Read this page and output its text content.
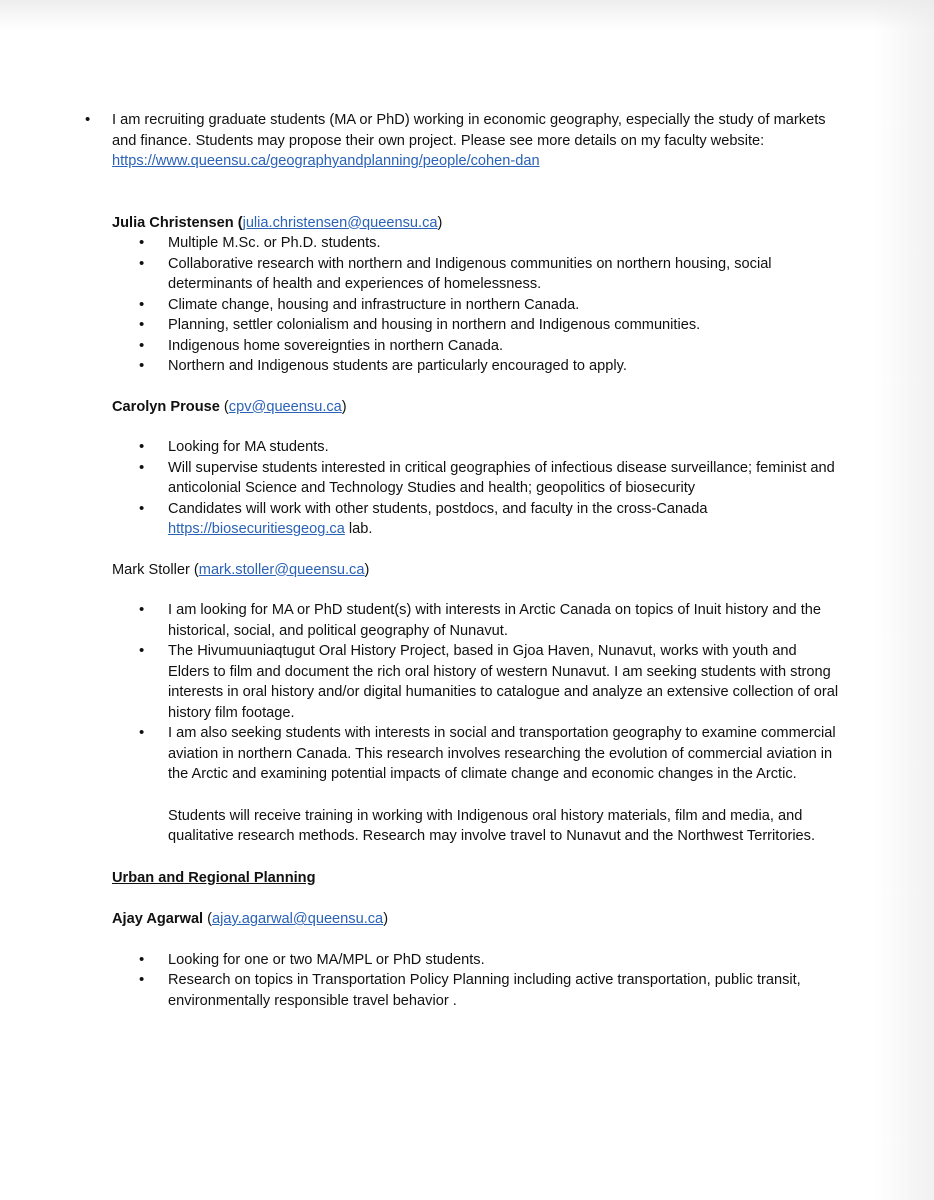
• I am recruiting graduate students (MA or PhD) working in economic geography, especially the study of markets and finance. Students may propose their own project. Please see more details on my faculty website: https://www.queensu.ca/geographyandplanning/people/cohen-dan

Julia Christensen (julia.christensen@queensu.ca)

• Multiple M.Sc. or Ph.D. students.
• Collaborative research with northern and Indigenous communities on northern housing, social determinants of health and experiences of homelessness.
• Climate change, housing and infrastructure in northern Canada.
• Planning, settler colonialism and housing in northern and Indigenous communities.
• Indigenous home sovereignties in northern Canada.
• Northern and Indigenous students are particularly encouraged to apply.

Carolyn Prouse (cpv@queensu.ca)

• Looking for MA students.
• Will supervise students interested in critical geographies of infectious disease surveillance; feminist and anticolonial Science and Technology Studies and health; geopolitics of biosecurity
• Candidates will work with other students, postdocs, and faculty in the cross-Canada https://biosecuritiesgeog.ca lab.

Mark Stoller (mark.stoller@queensu.ca)

• I am looking for MA or PhD student(s) with interests in Arctic Canada on topics of Inuit history and the historical, social, and political geography of Nunavut.
• The Hivumuuniaqtugut Oral History Project, based in Gjoa Haven, Nunavut, works with youth and Elders to film and document the rich oral history of western Nunavut. I am seeking students with strong interests in oral history and/or digital humanities to catalogue and analyze an extensive collection of oral history film footage.
• I am also seeking students with interests in social and transportation geography to examine commercial aviation in northern Canada. This research involves researching the evolution of commercial aviation in the Arctic and examining potential impacts of climate change and economic changes in the Arctic.

Students will receive training in working with Indigenous oral history materials, film and media, and qualitative research methods. Research may involve travel to Nunavut and the Northwest Territories.

Urban and Regional Planning

Ajay Agarwal (ajay.agarwal@queensu.ca)

• Looking for one or two MA/MPL or PhD students.
• Research on topics in Transportation Policy Planning including active transportation, public transit, environmentally responsible travel behavior .
